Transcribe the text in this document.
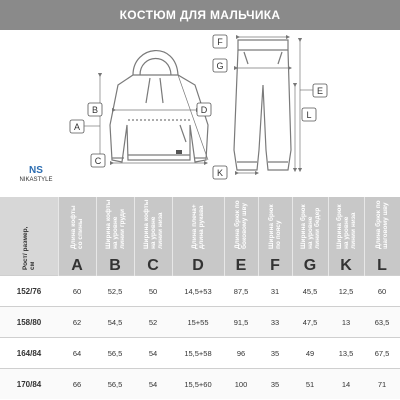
КОСТЮМ ДЛЯ МАЛЬЧИКА
A
B
C
D
E
F
G
K
L
NS
NIKASTYLE
Рост/ размер, см	Длина кофты со спины	Ширина кофты на уровне линии груди	Ширина кофты на уровне линии низа	Длина плеча+ длина рукава	Длина брюк по боковому шву	Ширина брюк по поясу	Ширина брюк на уровне линии бедер	Ширина брюк на уровне линии низа	Длина брюк по шаговому шву
	A	B	C	D	E	F	G	K	L
152/76	60	52,5	50	14,5+53	87,5	31	45,5	12,5	60
158/80	62	54,5	52	15+55	91,5	33	47,5	13	63,5
164/84	64	56,5	54	15,5+58	96	35	49	13,5	67,5
170/84	66	56,5	54	15,5+60	100	35	51	14	71
